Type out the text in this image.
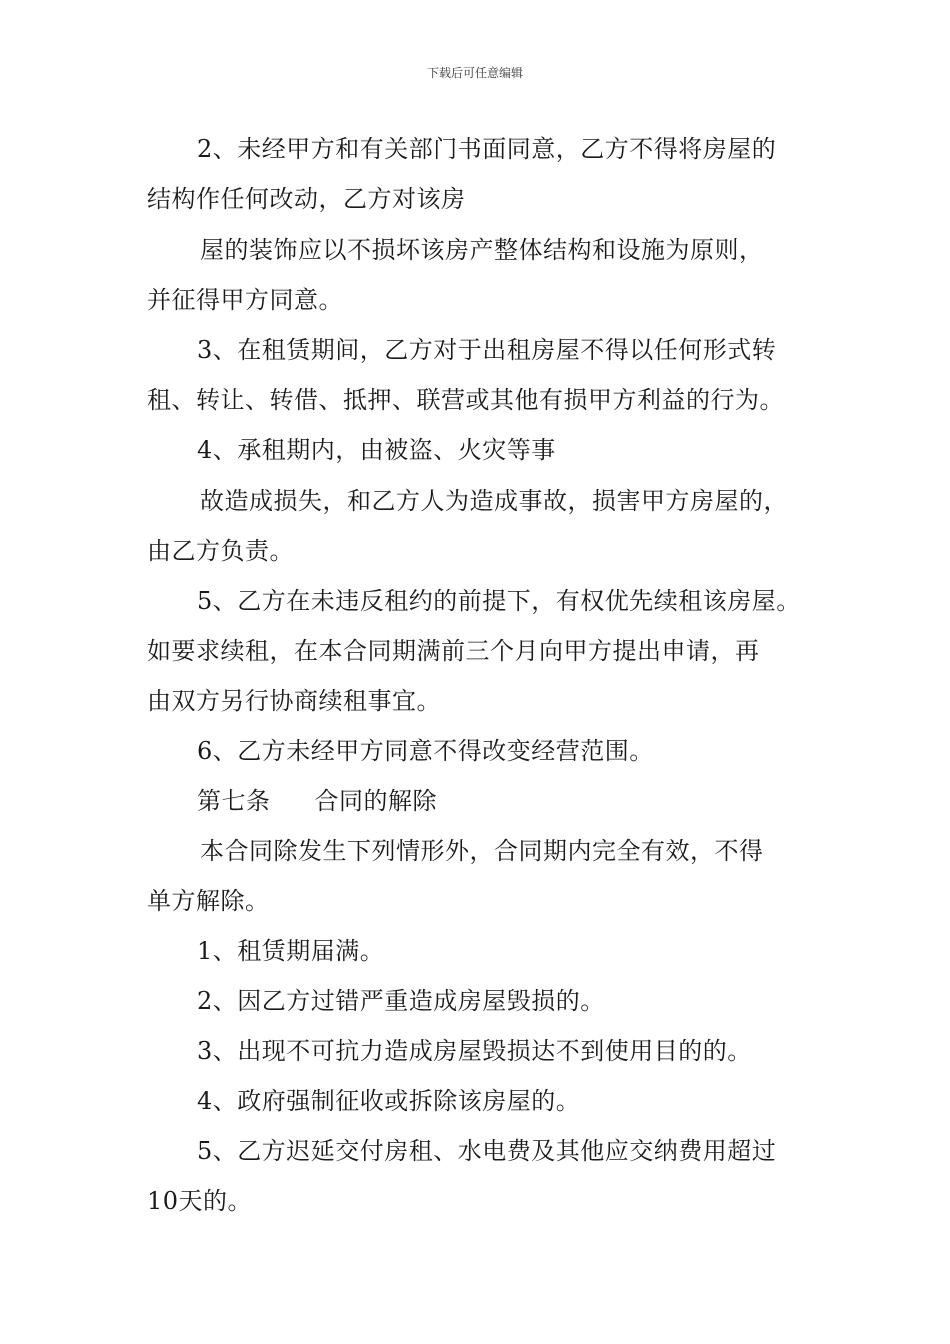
下载后可任意编辑
2、未经甲方和有关部门书面同意，乙方不得将房屋的
结构作任何改动，乙方对该房
屋的装饰应以不损坏该房产整体结构和设施为原则，
并征得甲方同意。
3、在租赁期间，乙方对于出租房屋不得以任何形式转
租、转让、转借、抵押、联营或其他有损甲方利益的行为。
4、承租期内，由被盗、火灾等事
故造成损失，和乙方人为造成事故，损害甲方房屋的，
由乙方负责。
5、乙方在未违反租约的前提下，有权优先续租该房屋。
如要求续租，在本合同期满前三个月向甲方提出申请，再
由双方另行协商续租事宜。
6、乙方未经甲方同意不得改变经营范围。
第七条 合同的解除
本合同除发生下列情形外，合同期内完全有效，不得
单方解除。
1、租赁期届满。
2、因乙方过错严重造成房屋毁损的。
3、出现不可抗力造成房屋毁损达不到使用目的的。
4、政府强制征收或拆除该房屋的。
5、乙方迟延交付房租、水电费及其他应交纳费用超过
10天的。
